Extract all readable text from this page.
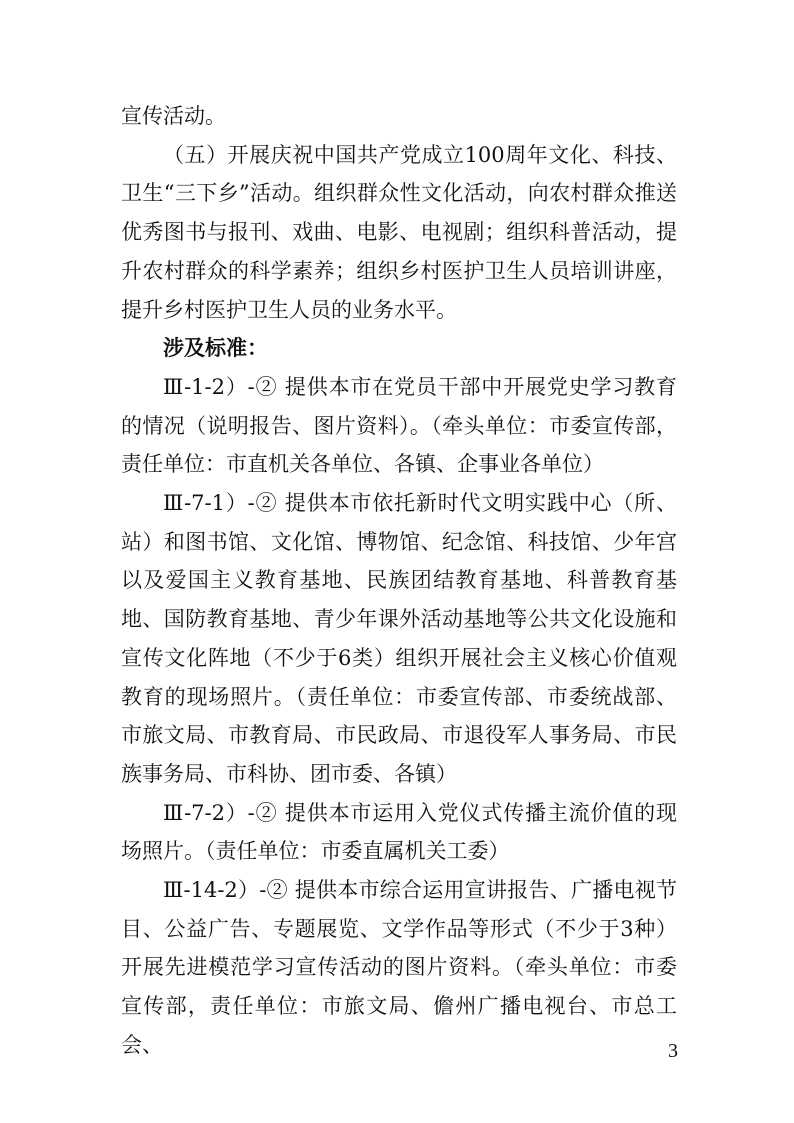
宣传活动。

（五）开展庆祝中国共产党成立100周年文化、科技、卫生“三下乡”活动。组织群众性文化活动，向农村群众推送优秀图书与报刊、戏曲、电影、电视剧；组织科普活动，提升农村群众的科学素养；组织乡村医护卫生人员培训讲座，提升乡村医护卫生人员的业务水平。

涉及标准：

Ⅲ-1-2）-② 提供本市在党员干部中开展党史学习教育的情况（说明报告、图片资料）。（牵头单位：市委宣传部，责任单位：市直机关各单位、各镇、企事业各单位）

Ⅲ-7-1）-② 提供本市依托新时代文明实践中心（所、站）和图书馆、文化馆、博物馆、纪念馆、科技馆、少年宫以及爱国主义教育基地、民族团结教育基地、科普教育基地、国防教育基地、青少年课外活动基地等公共文化设施和宣传文化阵地（不少于6类）组织开展社会主义核心价值观教育的现场照片。（责任单位：市委宣传部、市委统战部、市旅文局、市教育局、市民政局、市退役军人事务局、市民族事务局、市科协、团市委、各镇）

Ⅲ-7-2）-② 提供本市运用入党仪式传播主流价值的现场照片。（责任单位：市委直属机关工委）

Ⅲ-14-2）-② 提供本市综合运用宣讲报告、广播电视节目、公益广告、专题展览、文学作品等形式（不少于3种）开展先进模范学习宣传活动的图片资料。（牵头单位：市委宣传部，责任单位：市旅文局、儋州广播电视台、市总工会、	3
